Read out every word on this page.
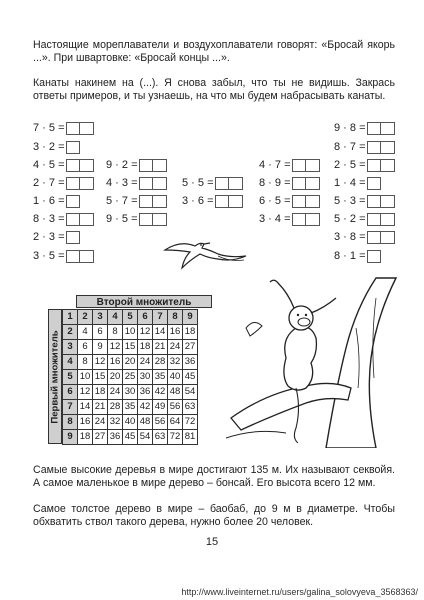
Настоящие мореплаватели и воздухоплаватели говорят: «Бросай якорь ...». При швартовке: «Бросай концы ...».
Канаты накинем на (...). Я снова забыл, что ты не видишь. Закрась ответы примеров, и ты узнаешь, на что мы будем набрасывать канаты.
7 · 5 =
3 · 2 =
4 · 5 =
2 · 7 =
1 · 6 =
8 · 3 =
2 · 3 =
3 · 5 =
9 · 2 =
4 · 3 =
5 · 7 =
9 · 5 =
5 · 5 =
3 · 6 =
4 · 7 =
8 · 9 =
6 · 5 =
3 · 4 =
9 · 8 =
8 · 7 =
2 · 5 =
1 · 4 =
5 · 3 =
5 · 2 =
3 · 8 =
8 · 1 =
Второй множитель
Первый множитель
1	2	3	4	5	6	7	8	9
2	4	6	8	10	12	14	16	18
3	6	9	12	15	18	21	24	27
4	8	12	16	20	24	28	32	36
5	10	15	20	25	30	35	40	45
6	12	18	24	30	36	42	48	54
7	14	21	28	35	42	49	56	63
8	16	24	32	40	48	56	64	72
9	18	27	36	45	54	63	72	81
Самые высокие деревья в мире достигают 135 м. Их называют секвойя. А самое маленькое в мире дерево – бонсай. Его высота всего 12 мм.
Самое толстое дерево в мире – баобаб, до 9 м в диаметре. Чтобы обхватить ствол такого дерева, нужно более 20 человек.
15
http://www.liveinternet.ru/users/galina_solovyeva_3568363/
